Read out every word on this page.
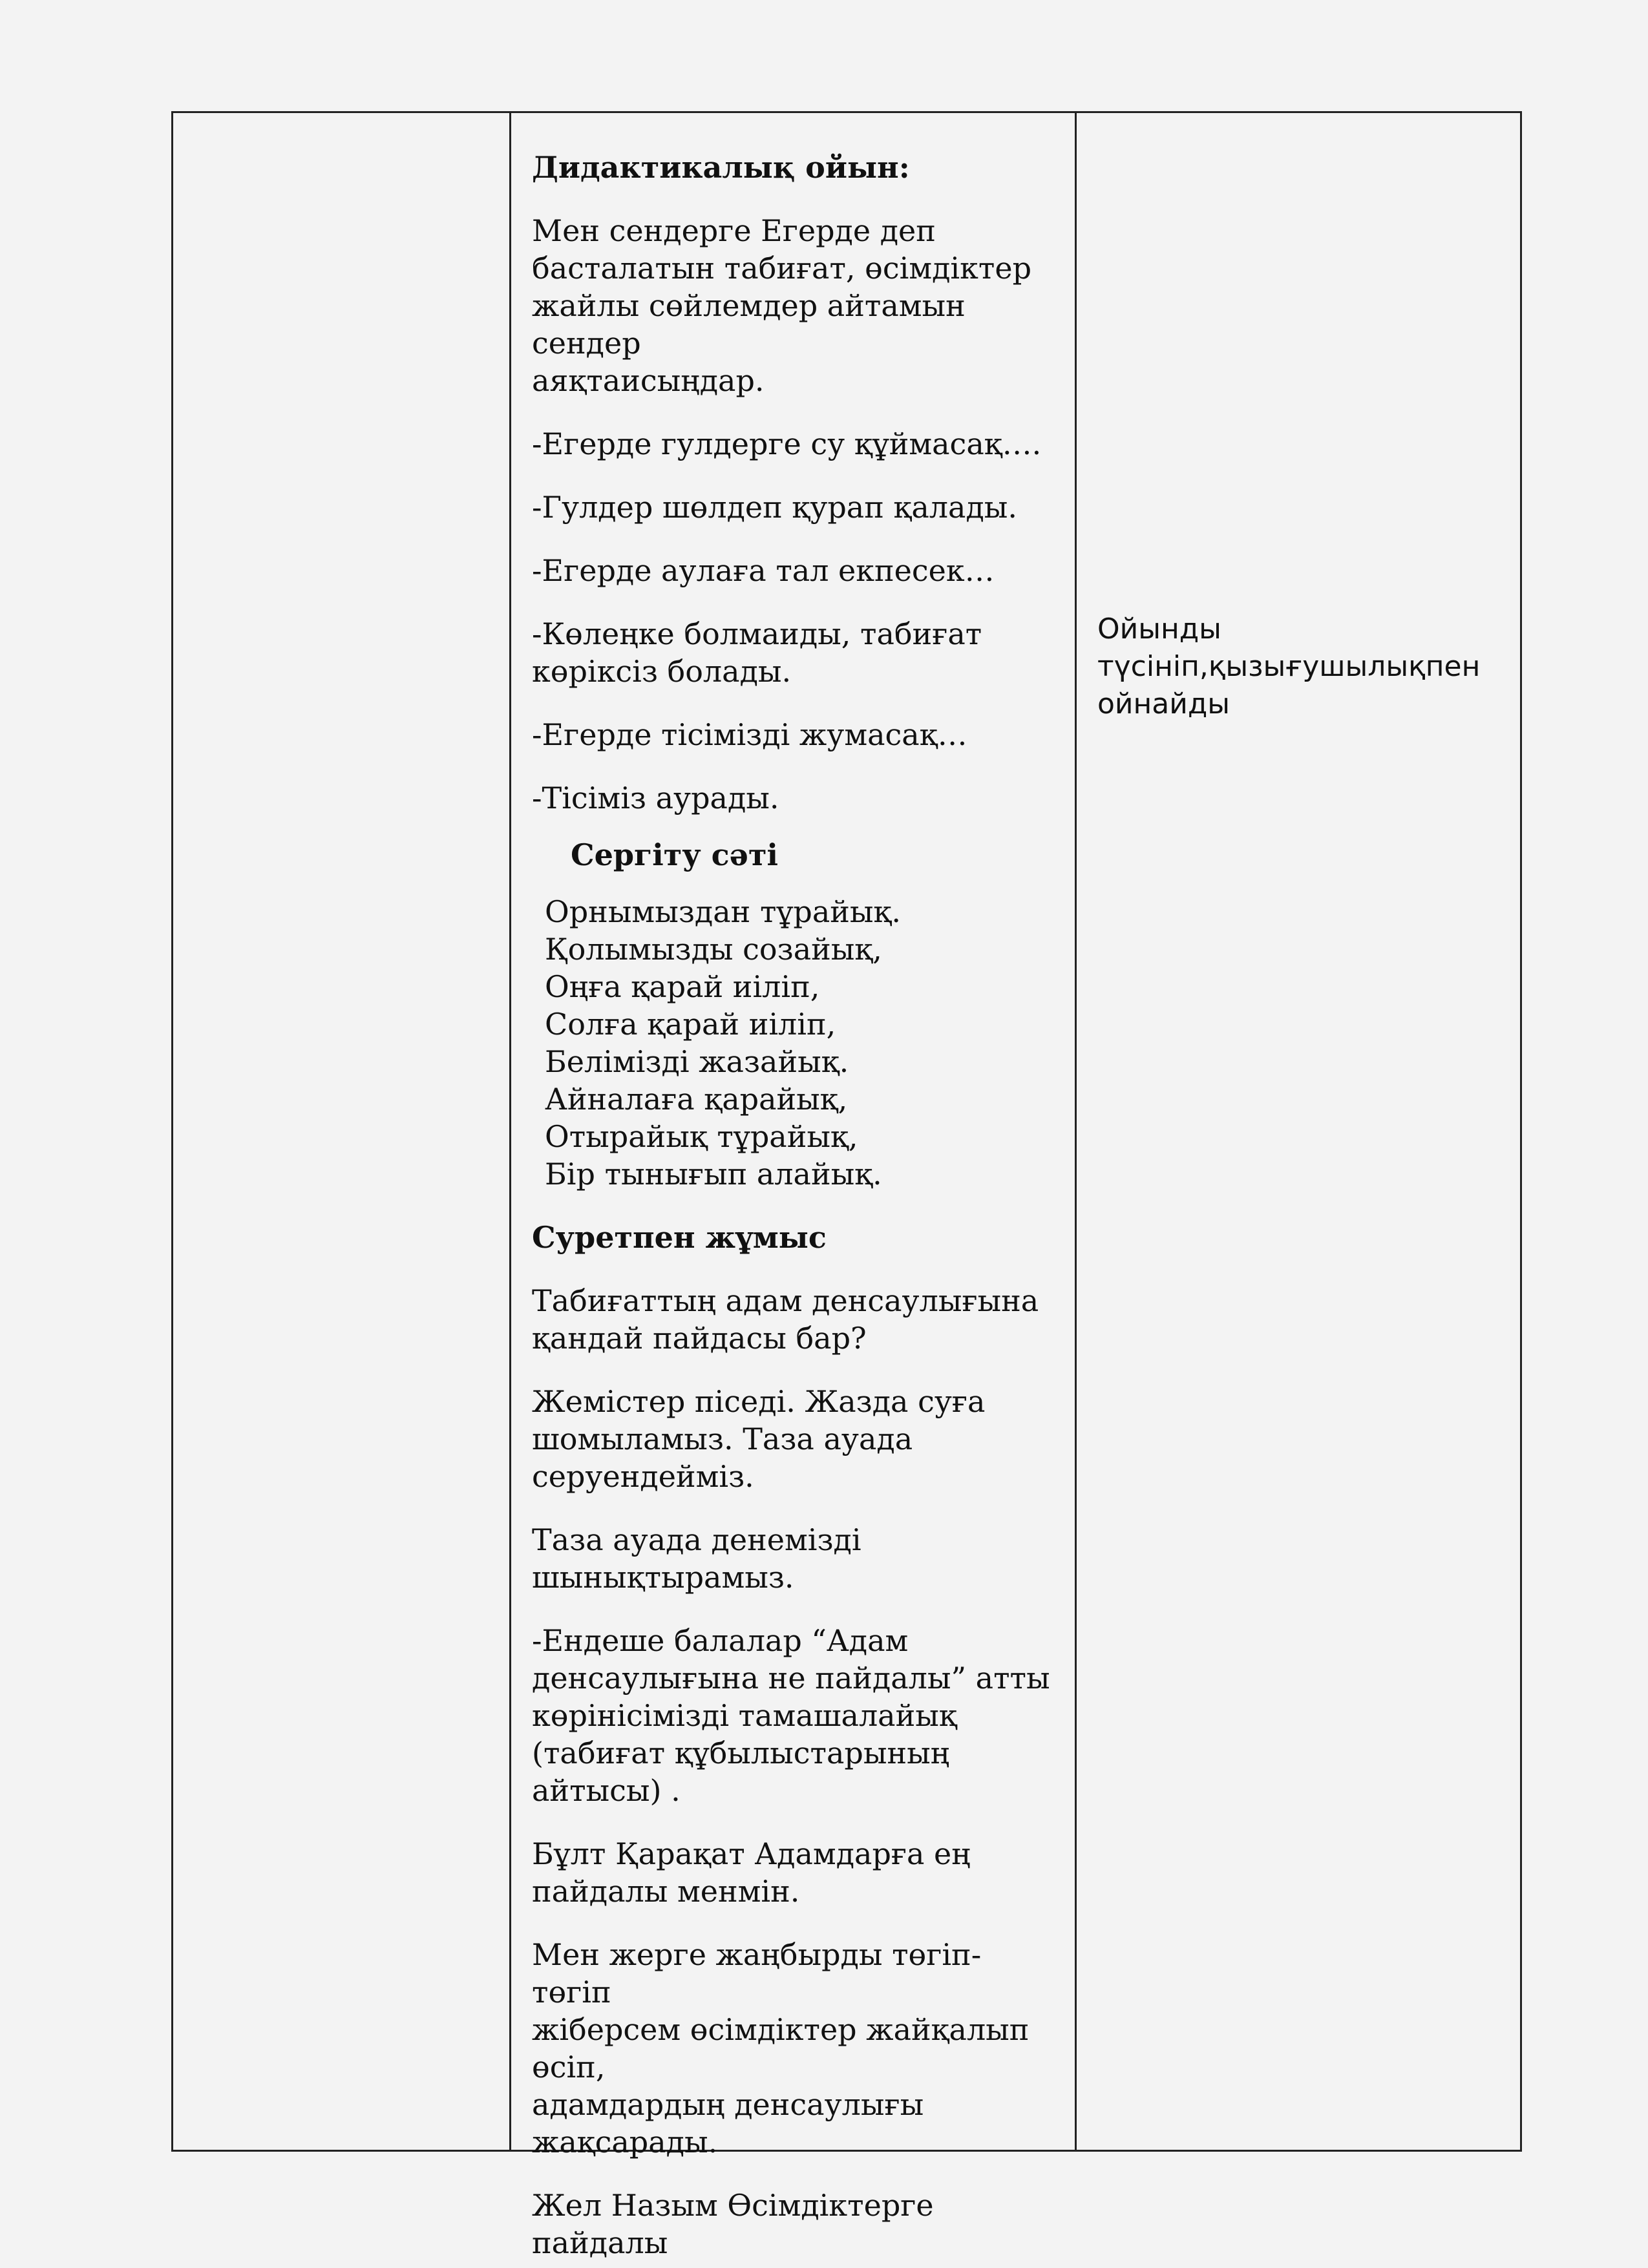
Дидактикалық ойын:
Мен сендерге Егерде деп
басталатын табиғат, өсімдіктер
жайлы сөйлемдер айтамын сендер
аяқтаисыңдар.
-Егерде гулдерге су құймасақ….
-Гулдер шөлдеп қурап қалады.
-Егерде аулаға тал екпесек…
-Көлеңке болмаиды, табиғат
көріксіз болады.
-Егерде тісімізді жумасақ…
-Тісіміз аурады.
Сергіту сәті
Орнымыздан тұрайық.
Қолымызды созайық,
Оңға қарай иіліп,
Солға қарай иіліп,
Белімізді жазайық.
Айналаға қарайық,
Отырайық тұрайық,
Бір тынығып алайық.
Суретпен жұмыс
Табиғаттың адам денсаулығына
қандай пайдасы бар?
Жемістер піседі. Жазда суға
шомыламыз. Таза ауада
серуендейміз.
Таза ауада денемізді
шынықтырамыз.
-Ендеше балалар “Адам
денсаулығына не пайдалы” атты
көрінісімізді тамашалайық
(табиғат құбылыстарының
айтысы) .
Бұлт Қарақат Адамдарға ең
пайдалы менмін.
Мен жерге жаңбырды төгіп- төгіп
жіберсем өсімдіктер жайқалып өсіп,
адамдардың денсаулығы
жақсарады.
Жел Назым Өсімдіктерге пайдалы
Ойынды
түсініп,қызығушылықпен
ойнайды
